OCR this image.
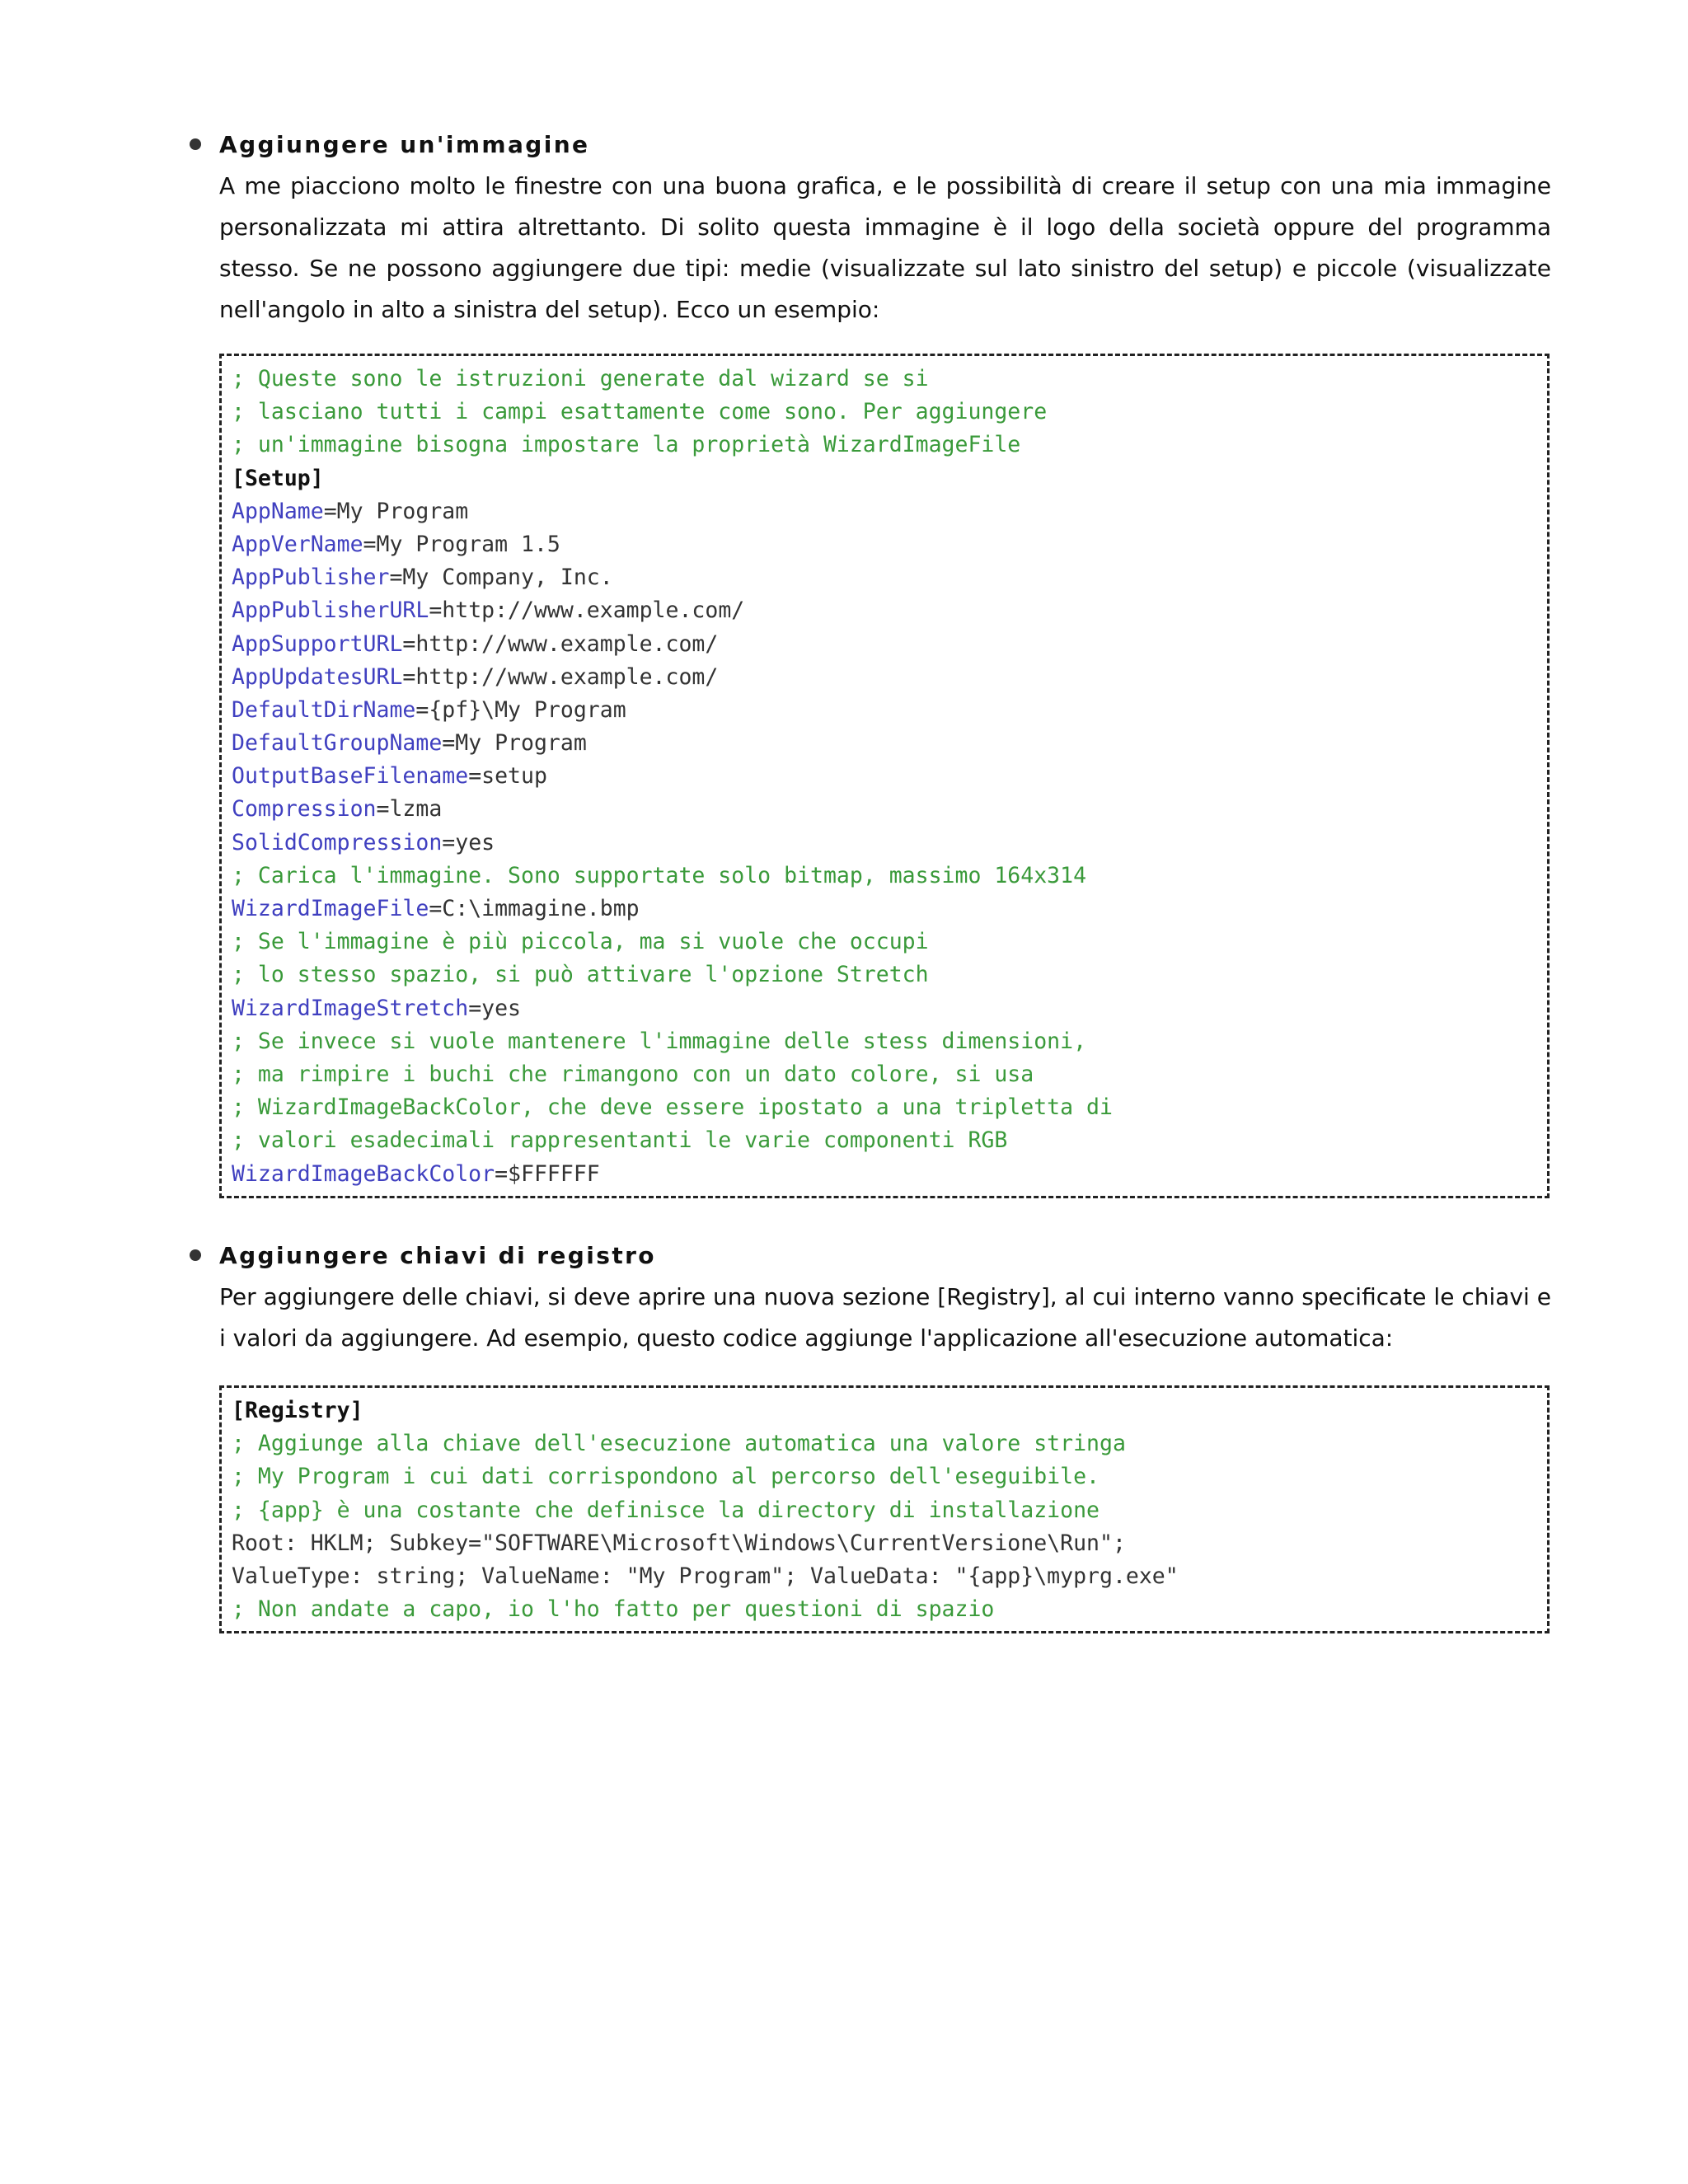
Aggiungere un'immagine
A me piacciono molto le finestre con una buona grafica, e le possibilità di creare il setup con una mia immagine personalizzata mi attira altrettanto. Di solito questa immagine è il logo della società oppure del programma stesso. Se ne possono aggiungere due tipi: medie (visualizzate sul lato sinistro del setup) e piccole (visualizzate nell'angolo in alto a sinistra del setup). Ecco un esempio:
; Queste sono le istruzioni generate dal wizard se si
; lasciano tutti i campi esattamente come sono. Per aggiungere
; un'immagine bisogna impostare la proprietà WizardImageFile
[Setup]
AppName=My Program
AppVerName=My Program 1.5
AppPublisher=My Company, Inc.
AppPublisherURL=http://www.example.com/
AppSupportURL=http://www.example.com/
AppUpdatesURL=http://www.example.com/
DefaultDirName={pf}\My Program
DefaultGroupName=My Program
OutputBaseFilename=setup
Compression=lzma
SolidCompression=yes
; Carica l'immagine. Sono supportate solo bitmap, massimo 164x314
WizardImageFile=C:\immagine.bmp
; Se l'immagine è più piccola, ma si vuole che occupi
; lo stesso spazio, si può attivare l'opzione Stretch
WizardImageStretch=yes
; Se invece si vuole mantenere l'immagine delle stess dimensioni,
; ma rimpire i buchi che rimangono con un dato colore, si usa
; WizardImageBackColor, che deve essere ipostato a una tripletta di
; valori esadecimali rappresentanti le varie componenti RGB
WizardImageBackColor=$FFFFFF
Aggiungere chiavi di registro
Per aggiungere delle chiavi, si deve aprire una nuova sezione [Registry], al cui interno vanno specificate le chiavi e i valori da aggiungere. Ad esempio, questo codice aggiunge l'applicazione all'esecuzione automatica:
[Registry]
; Aggiunge alla chiave dell'esecuzione automatica una valore stringa
; My Program i cui dati corrispondono al percorso dell'eseguibile.
; {app} è una costante che definisce la directory di installazione
Root: HKLM; Subkey="SOFTWARE\Microsoft\Windows\CurrentVersione\Run";
ValueType: string; ValueName: "My Program"; ValueData: "{app}\myprg.exe"
; Non andate a capo, io l'ho fatto per questioni di spazio
